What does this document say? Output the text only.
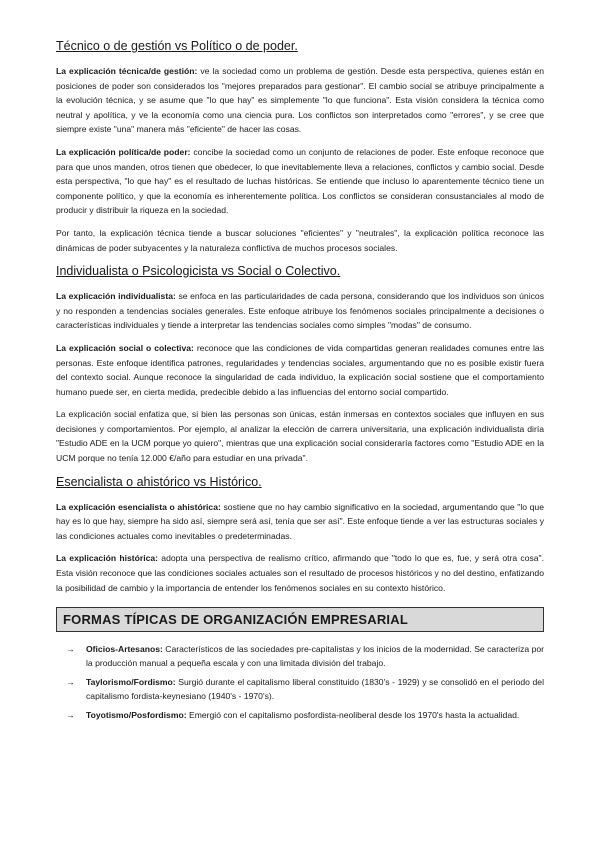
Técnico o de gestión vs Político o de poder.

La explicación técnica/de gestión: ve la sociedad como un problema de gestión. Desde esta perspectiva, quienes están en posiciones de poder son considerados los "mejores preparados para gestionar". El cambio social se atribuye principalmente a la evolución técnica, y se asume que "lo que hay" es simplemente "lo que funciona". Esta visión considera la técnica como neutral y apolítica, y ve la economía como una ciencia pura. Los conflictos son interpretados como "errores", y se cree que siempre existe "una" manera más "eficiente" de hacer las cosas.

La explicación política/de poder: concibe la sociedad como un conjunto de relaciones de poder. Este enfoque reconoce que para que unos manden, otros tienen que obedecer, lo que inevitablemente lleva a relaciones, conflictos y cambio social. Desde esta perspectiva, "lo que hay" es el resultado de luchas históricas. Se entiende que incluso lo aparentemente técnico tiene un componente político, y que la economía es inherentemente política. Los conflictos se consideran consustanciales al modo de producir y distribuir la riqueza en la sociedad.

Por tanto, la explicación técnica tiende a buscar soluciones "eficientes" y "neutrales", la explicación política reconoce las dinámicas de poder subyacentes y la naturaleza conflictiva de muchos procesos sociales.

Individualista o Psicologicista vs Social o Colectivo.

La explicación individualista: se enfoca en las particularidades de cada persona, considerando que los individuos son únicos y no responden a tendencias sociales generales. Este enfoque atribuye los fenómenos sociales principalmente a decisiones o características individuales y tiende a interpretar las tendencias sociales como simples "modas" de consumo.

La explicación social o colectiva: reconoce que las condiciones de vida compartidas generan realidades comunes entre las personas. Este enfoque identifica patrones, regularidades y tendencias sociales, argumentando que no es posible existir fuera del contexto social. Aunque reconoce la singularidad de cada individuo, la explicación social sostiene que el comportamiento humano puede ser, en cierta medida, predecible debido a las influencias del entorno social compartido.

La explicación social enfatiza que, si bien las personas son únicas, están inmersas en contextos sociales que influyen en sus decisiones y comportamientos. Por ejemplo, al analizar la elección de carrera universitaria, una explicación individualista diría "Estudio ADE en la UCM porque yo quiero", mientras que una explicación social consideraría factores como "Estudio ADE en la UCM porque no tenía 12.000 €/año para estudiar en una privada".

Esencialista o ahistórico vs Histórico.

La explicación esencialista o ahistórica: sostiene que no hay cambio significativo en la sociedad, argumentando que "lo que hay es lo que hay, siempre ha sido así, siempre será así, tenía que ser así". Este enfoque tiende a ver las estructuras sociales y las condiciones actuales como inevitables o predeterminadas.

La explicación histórica: adopta una perspectiva de realismo crítico, afirmando que "todo lo que es, fue, y será otra cosa". Esta visión reconoce que las condiciones sociales actuales son el resultado de procesos históricos y no del destino, enfatizando la posibilidad de cambio y la importancia de entender los fenómenos sociales en su contexto histórico.

FORMAS TÍPICAS DE ORGANIZACIÓN EMPRESARIAL
→	Oficios-Artesanos: Característicos de las sociedades pre-capitalistas y los inicios de la modernidad. Se caracteriza por la producción manual a pequeña escala y con una limitada división del trabajo.
→	Taylorismo/Fordismo: Surgió durante el capitalismo liberal constituido (1830's - 1929) y se consolidó en el periodo del capitalismo fordista-keynesiano (1940's - 1970's).
→	Toyotismo/Posfordismo: Emergió con el capitalismo posfordista-neoliberal desde los 1970's hasta la actualidad.
